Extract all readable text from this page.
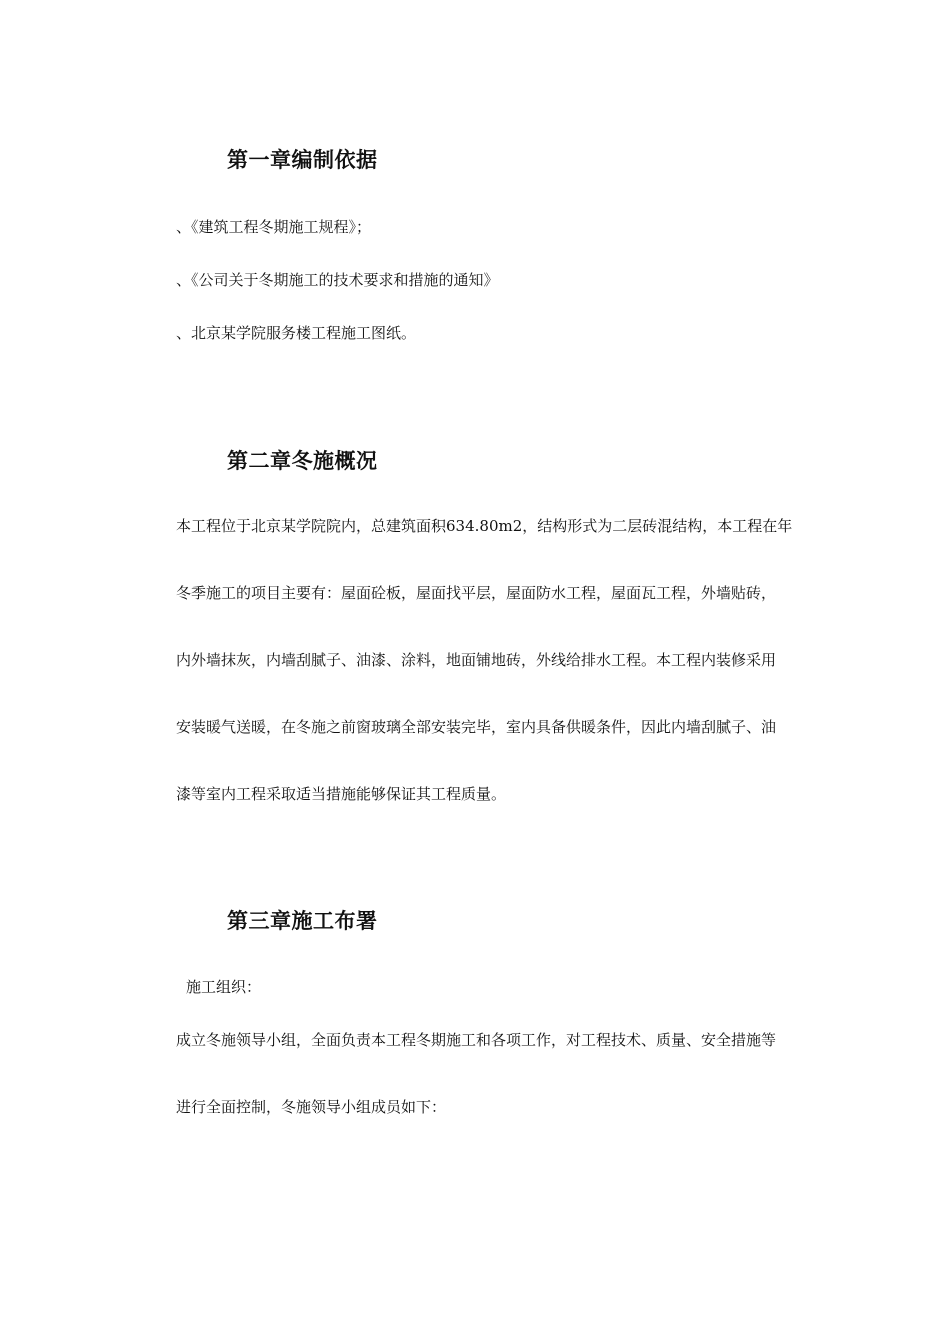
第一章编制依据
、《建筑工程冬期施工规程》；
、《公司关于冬期施工的技术要求和措施的通知》
、北京某学院服务楼工程施工图纸。
第二章冬施概况
本工程位于北京某学院院内，总建筑面积634.80m2，结构形式为二层砖混结构，本工程在年
冬季施工的项目主要有：屋面砼板，屋面找平层，屋面防水工程，屋面瓦工程，外墙贴砖，
内外墙抹灰，内墙刮腻子、油漆、涂料，地面铺地砖，外线给排水工程。本工程内装修采用
安装暖气送暖，在冬施之前窗玻璃全部安装完毕，室内具备供暖条件，因此内墙刮腻子、油
漆等室内工程采取适当措施能够保证其工程质量。
第三章施工布署
施工组织：
成立冬施领导小组，全面负责本工程冬期施工和各项工作，对工程技术、质量、安全措施等
进行全面控制，冬施领导小组成员如下：
